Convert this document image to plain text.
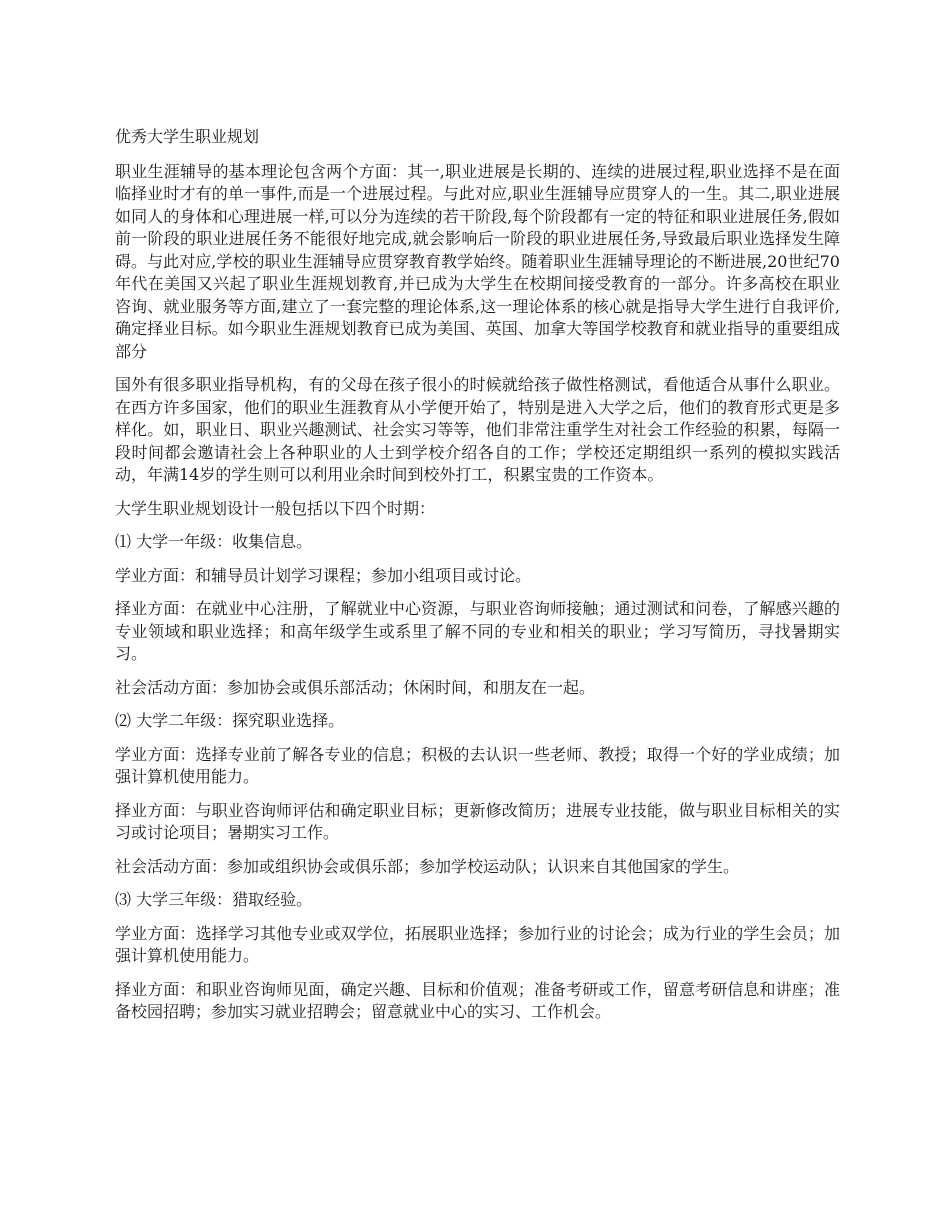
优秀大学生职业规划

职业生涯辅导的基本理论包含两个方面：其一,职业进展是长期的、连续的进展过程,职业选择不是在面临择业时才有的单一事件,而是一个进展过程。与此对应,职业生涯辅导应贯穿人的一生。其二,职业进展如同人的身体和心理进展一样,可以分为连续的若干阶段,每个阶段都有一定的特征和职业进展任务,假如前一阶段的职业进展任务不能很好地完成,就会影响后一阶段的职业进展任务,导致最后职业选择发生障碍。与此对应,学校的职业生涯辅导应贯穿教育教学始终。随着职业生涯辅导理论的不断进展,20世纪70年代在美国又兴起了职业生涯规划教育,并已成为大学生在校期间接受教育的一部分。许多高校在职业咨询、就业服务等方面,建立了一套完整的理论体系,这一理论体系的核心就是指导大学生进行自我评价,确定择业目标。如今职业生涯规划教育已成为美国、英国、加拿大等国学校教育和就业指导的重要组成部分

国外有很多职业指导机构，有的父母在孩子很小的时候就给孩子做性格测试，看他适合从事什么职业。在西方许多国家，他们的职业生涯教育从小学便开始了，特别是进入大学之后，他们的教育形式更是多样化。如，职业日、职业兴趣测试、社会实习等等，他们非常注重学生对社会工作经验的积累，每隔一段时间都会邀请社会上各种职业的人士到学校介绍各自的工作；学校还定期组织一系列的模拟实践活动，年满14岁的学生则可以利用业余时间到校外打工，积累宝贵的工作资本。

大学生职业规划设计一般包括以下四个时期：

⑴ 大学一年级：收集信息。

学业方面：和辅导员计划学习课程；参加小组项目或讨论。

择业方面：在就业中心注册，了解就业中心资源，与职业咨询师接触；通过测试和问卷，了解感兴趣的专业领域和职业选择；和高年级学生或系里了解不同的专业和相关的职业；学习写简历，寻找暑期实习。

社会活动方面：参加协会或俱乐部活动；休闲时间，和朋友在一起。

⑵ 大学二年级：探究职业选择。

学业方面：选择专业前了解各专业的信息；积极的去认识一些老师、教授；取得一个好的学业成绩；加强计算机使用能力。

择业方面：与职业咨询师评估和确定职业目标；更新修改简历；进展专业技能，做与职业目标相关的实习或讨论项目；暑期实习工作。

社会活动方面：参加或组织协会或俱乐部；参加学校运动队；认识来自其他国家的学生。

⑶ 大学三年级：猎取经验。

学业方面：选择学习其他专业或双学位，拓展职业选择；参加行业的讨论会；成为行业的学生会员；加强计算机使用能力。

择业方面：和职业咨询师见面，确定兴趣、目标和价值观；准备考研或工作，留意考研信息和讲座；准备校园招聘；参加实习就业招聘会；留意就业中心的实习、工作机会。
